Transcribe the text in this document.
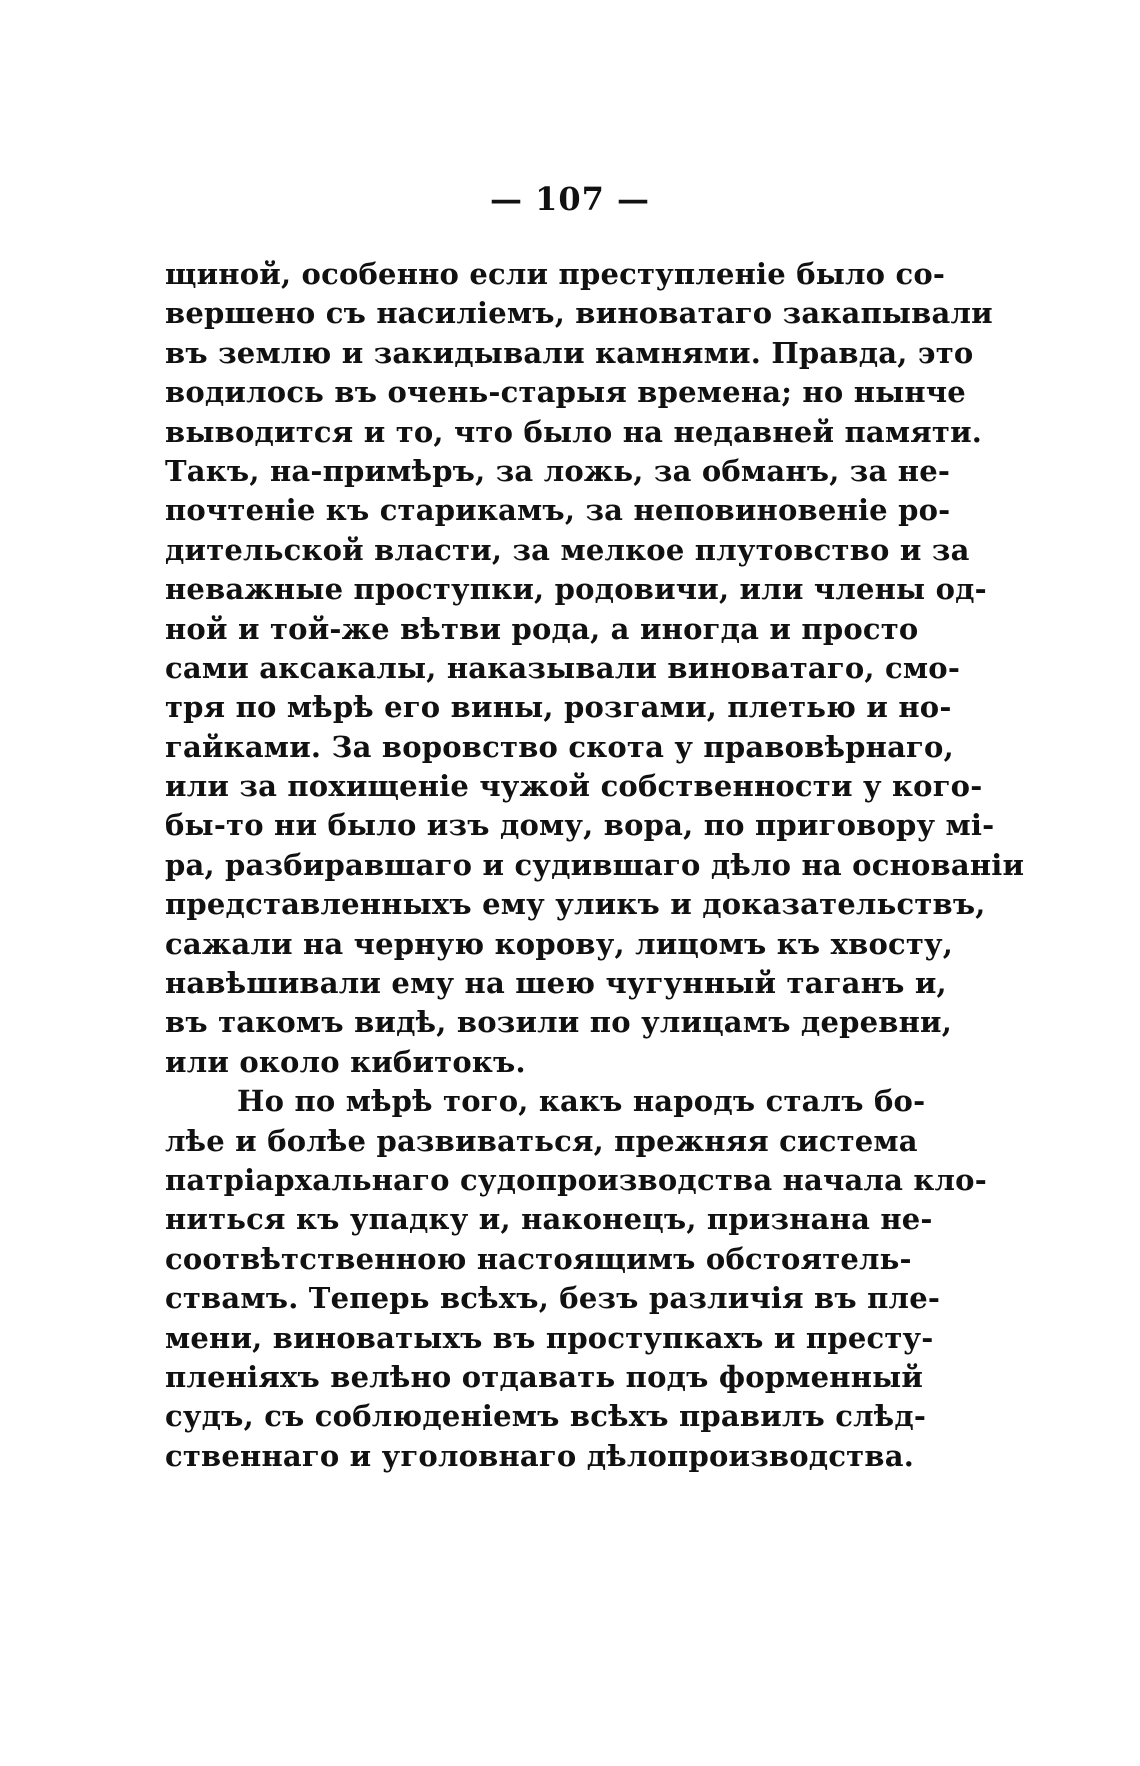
— 107 —
щиной, особенно если преступленіе было со-
вершено съ насиліемъ, виноватаго закапывали
въ землю и закидывали камнями. Правда, это
водилось въ очень-старыя времена; но нынче
выводится и то, что было на недавней памяти.
Такъ, на-примѣръ, за ложь, за обманъ, за не-
почтеніе къ старикамъ, за неповиновеніе ро-
дительской власти, за мелкое плутовство и за
неважные проступки, родовичи, или члены од-
ной и той-же вѣтви рода, а иногда и просто
сами аксакалы, наказывали виноватаго, смо-
тря по мѣрѣ его вины, розгами, плетью и но-
гайками. За воровство скота у правовѣрнаго,
или за похищеніе чужой собственности у кого-
бы-то ни было изъ дому, вора, по приговору мі-
ра, разбиравшаго и судившаго дѣло на основаніи
представленныхъ ему уликъ и доказательствъ,
сажали на черную корову, лицомъ къ хвосту,
навѣшивали ему на шею чугунный таганъ и,
въ такомъ видѣ, возили по улицамъ деревни,
или около кибитокъ.
Но по мѣрѣ того, какъ народъ сталъ бо-
лѣе и болѣе развиваться, прежняя система
патріархальнаго судопроизводства начала кло-
ниться къ упадку и, наконецъ, признана не-
соотвѣтственною настоящимъ обстоятель-
ствамъ. Теперь всѣхъ, безъ различія въ пле-
мени, виноватыхъ въ проступкахъ и престу-
пленіяхъ велѣно отдавать подъ форменный
судъ, съ соблюденіемъ всѣхъ правилъ слѣд-
ственнаго и уголовнаго дѣлопроизводства.
